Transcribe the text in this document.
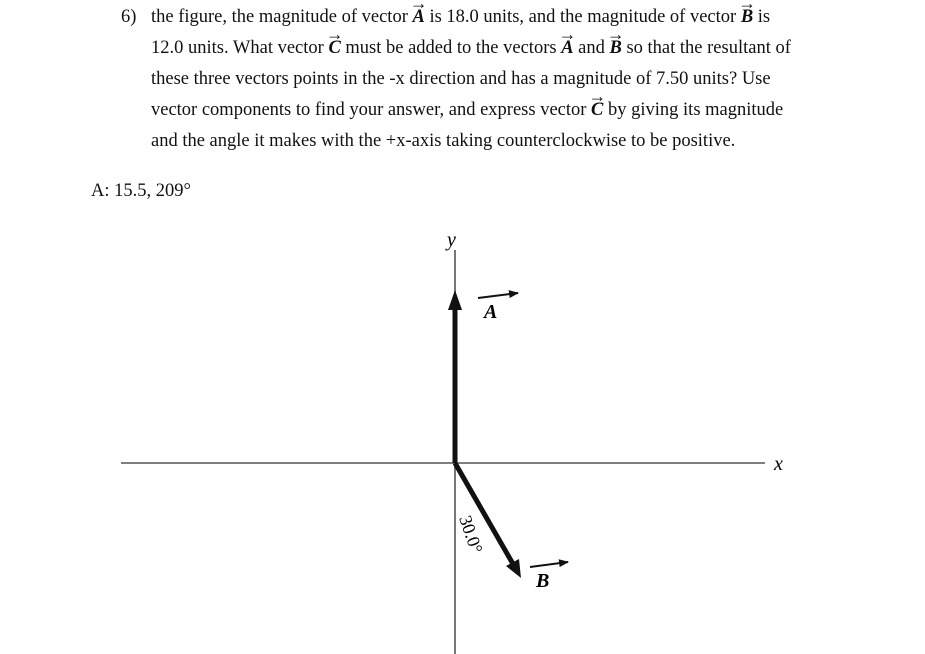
6) the figure, the magnitude of vector → A is 18.0 units, and the magnitude of vector → B is
12.0 units. What vector → C must be added to the vectors → A and → B so that the resultant of
these three vectors points in the -x direction and has a magnitude of 7.50 units? Use
vector components to find your answer, and express vector → C by giving its magnitude
and the angle it makes with the +x-axis taking counterclockwise to be positive.
A: 15.5, 209°
y
x
A
B
30.0°
